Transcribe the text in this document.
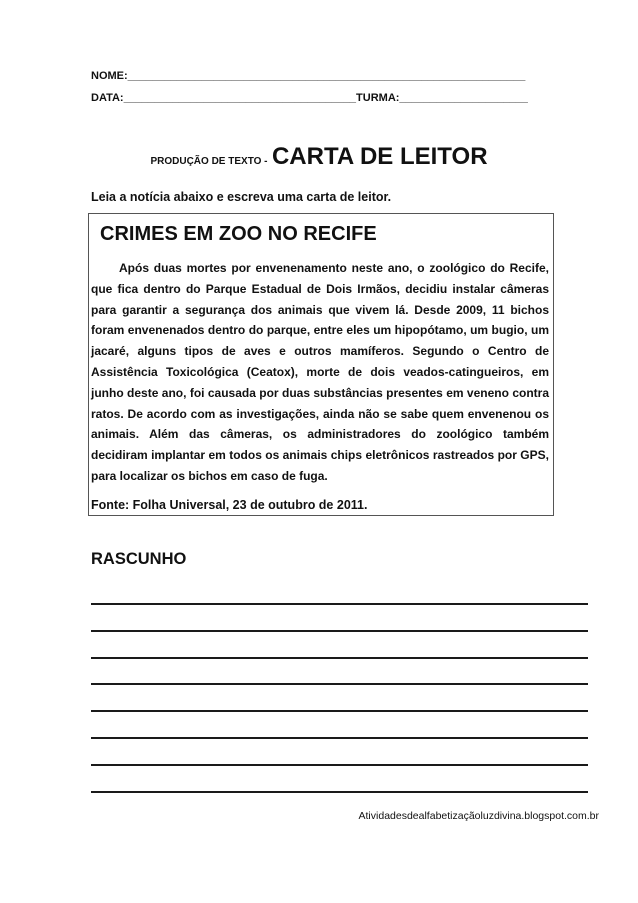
NOME:_________________________________________________________________
DATA:______________________________________TURMA:_____________________
PRODUÇÃO DE TEXTO - CARTA DE LEITOR
Leia a notícia abaixo e escreva uma carta de leitor.
CRIMES EM ZOO NO RECIFE
Após duas mortes por envenenamento neste ano, o zoológico do Recife, que fica dentro do Parque Estadual de Dois Irmãos, decidiu instalar câmeras para garantir a segurança dos animais que vivem lá. Desde 2009, 11 bichos foram envenenados dentro do parque, entre eles um hipopótamo, um bugio, um jacaré, alguns tipos de aves e outros mamíferos. Segundo o Centro de Assistência Toxicológica (Ceatox), morte de dois veados-catingueiros, em junho deste ano, foi causada por duas substâncias presentes em veneno contra ratos. De acordo com as investigações, ainda não se sabe quem envenenou os animais. Além das câmeras, os administradores do zoológico também decidiram implantar em todos os animais chips eletrônicos rastreados por GPS, para localizar os bichos em caso de fuga.
Fonte: Folha Universal, 23 de outubro de 2011.
RASCUNHO
Atividadesdealfabetizaçãoluzdivina.blogspot.com.br
